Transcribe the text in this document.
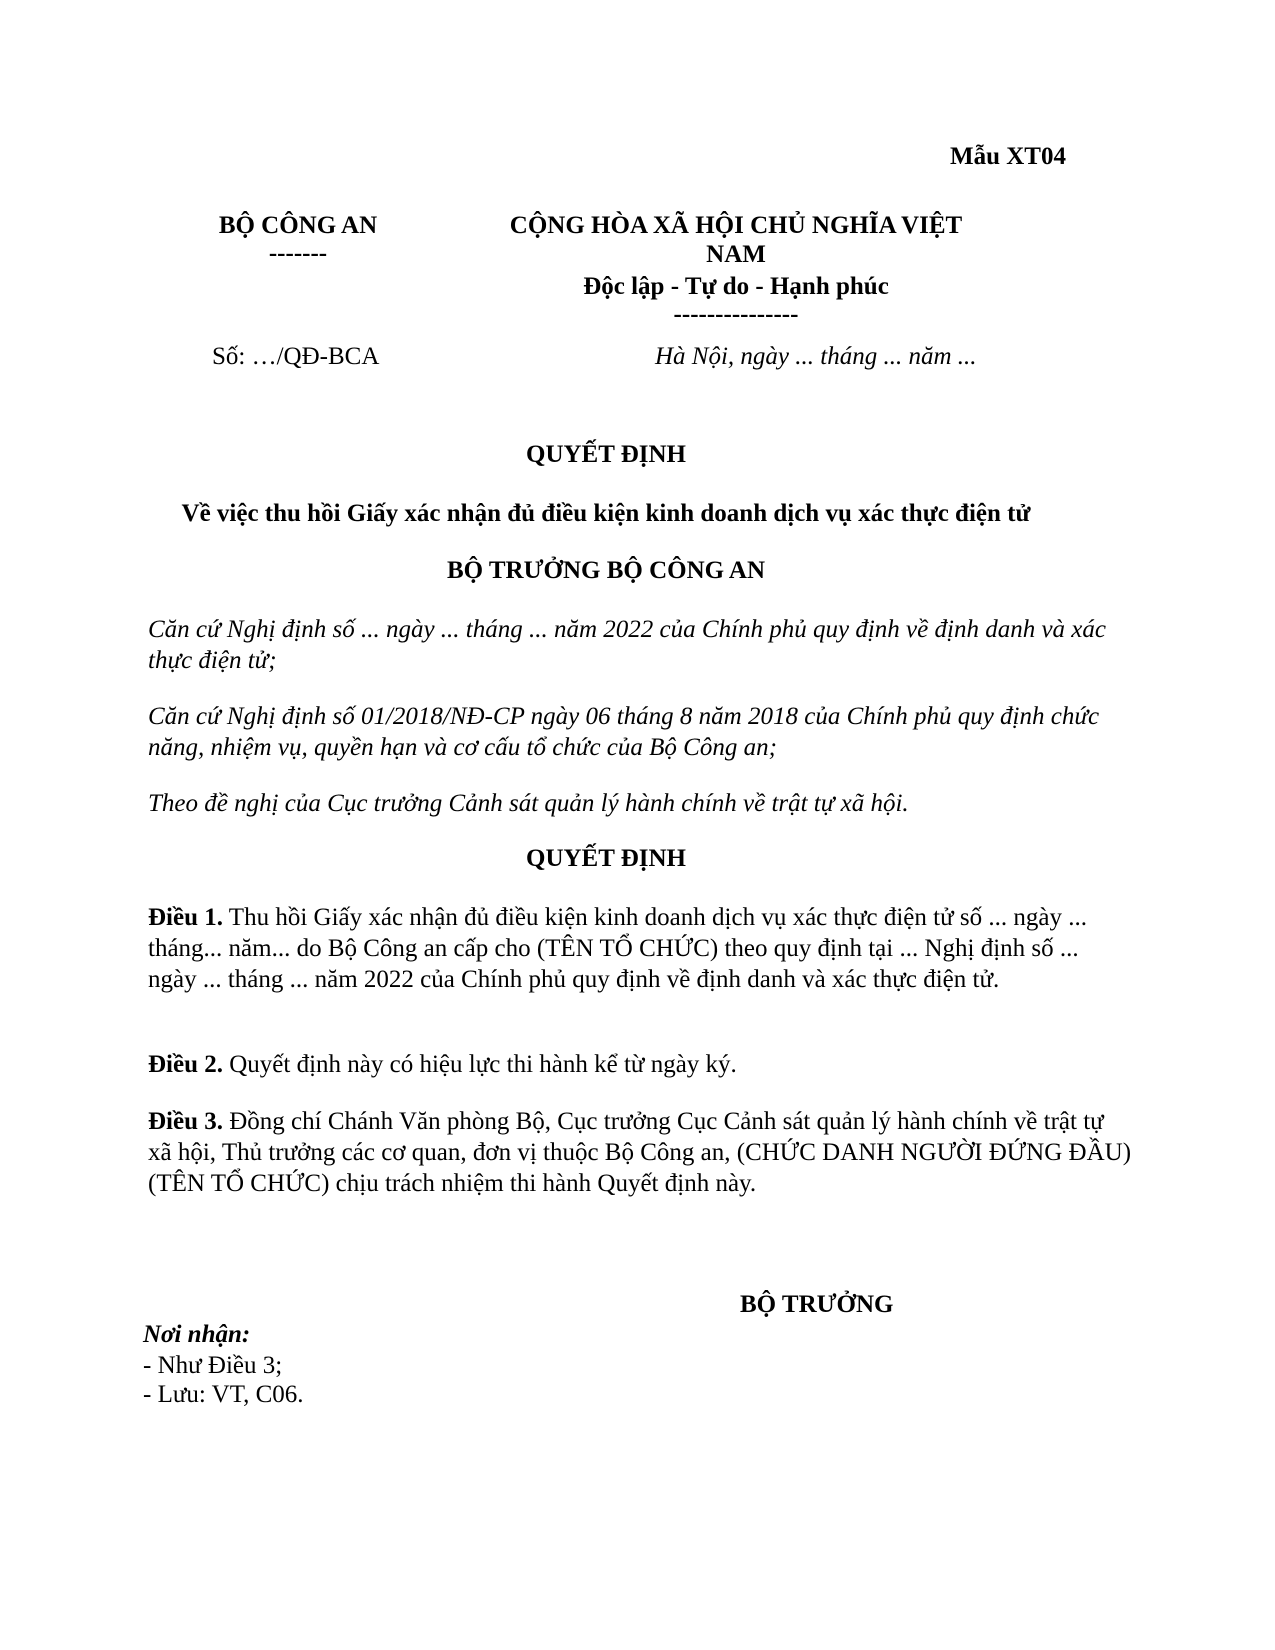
Mẫu XT04
BỘ CÔNG AN
-------
CỘNG HÒA XÃ HỘI CHỦ NGHĨA VIỆT
NAM
Độc lập - Tự do - Hạnh phúc
---------------
Số: …/QĐ-BCA	Hà Nội, ngày ... tháng ... năm ...
QUYẾT ĐỊNH
Về việc thu hồi Giấy xác nhận đủ điều kiện kinh doanh dịch vụ xác thực điện tử
BỘ TRƯỞNG BỘ CÔNG AN
Căn cứ Nghị định số ... ngày ... tháng ... năm 2022 của Chính phủ quy định về định danh và xác thực điện tử;
Căn cứ Nghị định số 01/2018/NĐ-CP ngày 06 tháng 8 năm 2018 của Chính phủ quy định chức năng, nhiệm vụ, quyền hạn và cơ cấu tổ chức của Bộ Công an;
Theo đề nghị của Cục trưởng Cảnh sát quản lý hành chính về trật tự xã hội.
QUYẾT ĐỊNH
Điều 1. Thu hồi Giấy xác nhận đủ điều kiện kinh doanh dịch vụ xác thực điện tử số ... ngày ... tháng... năm... do Bộ Công an cấp cho (TÊN TỔ CHỨC) theo quy định tại ... Nghị định số ... ngày ... tháng ... năm 2022 của Chính phủ quy định về định danh và xác thực điện tử.
Điều 2. Quyết định này có hiệu lực thi hành kể từ ngày ký.
Điều 3. Đồng chí Chánh Văn phòng Bộ, Cục trưởng Cục Cảnh sát quản lý hành chính về trật tự xã hội, Thủ trưởng các cơ quan, đơn vị thuộc Bộ Công an, (CHỨC DANH NGƯỜI ĐỨNG ĐẦU) (TÊN TỔ CHỨC) chịu trách nhiệm thi hành Quyết định này.
BỘ TRƯỞNG
Nơi nhận:
- Như Điều 3;
- Lưu: VT, C06.
